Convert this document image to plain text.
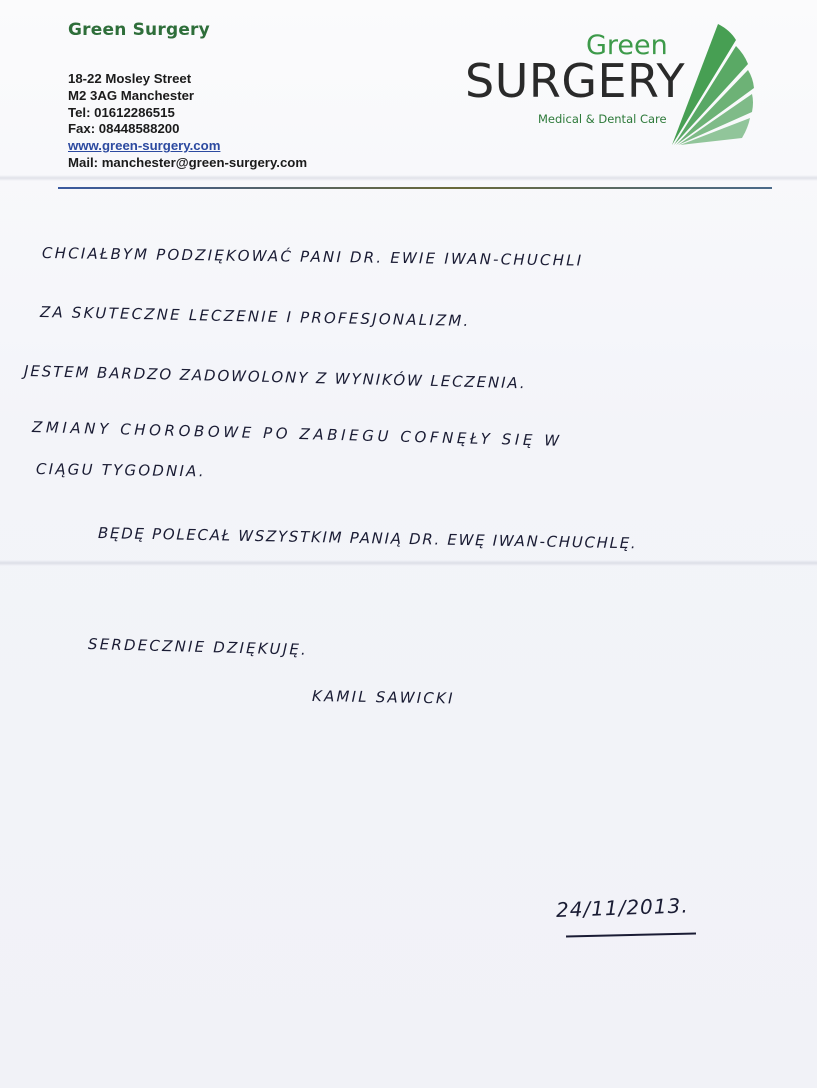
Green Surgery
18-22 Mosley Street
M2 3AG Manchester
Tel: 01612286515
Fax: 08448588200
www.green-surgery.com
Mail: manchester@green-surgery.com
Green
SURGERY
Medical & Dental Care
CHCIAŁBYM PODZIĘKOWAĆ PANI DR. EWIE IWAN-CHUCHLI
ZA SKUTECZNE LECZENIE I PROFESJONALIZM.
JESTEM BARDZO ZADOWOLONY Z WYNIKÓW LECZENIA.
ZMIANY CHOROBOWE PO ZABIEGU COFNĘŁY SIĘ W
CIĄGU TYGODNIA.
BĘDĘ POLECAŁ WSZYSTKIM PANIĄ DR. EWĘ IWAN-CHUCHLĘ.
SERDECZNIE DZIĘKUJĘ.
KAMIL SAWICKI
24/11/2013.
